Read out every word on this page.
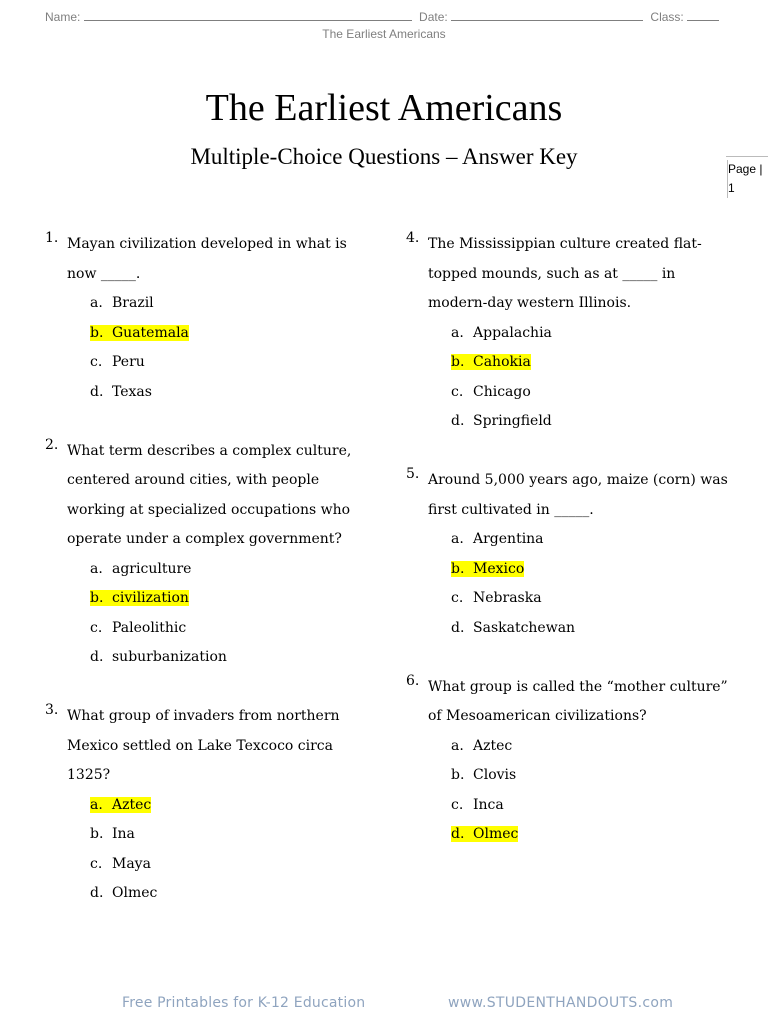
Name:	Date:	Class:
The Earliest Americans
The Earliest Americans
Multiple-Choice Questions – Answer Key	Page |
1
1. Mayan civilization developed in what is now _____.
a. Brazil
b. Guatemala
c. Peru
d. Texas
2. What term describes a complex culture, centered around cities, with people working at specialized occupations who operate under a complex government?
a. agriculture
b. civilization
c. Paleolithic
d. suburbanization
3. What group of invaders from northern Mexico settled on Lake Texcoco circa 1325?
a. Aztec
b. Ina
c. Maya
d. Olmec
4. The Mississippian culture created flat-topped mounds, such as at _____ in modern-day western Illinois.
a. Appalachia
b. Cahokia
c. Chicago
d. Springfield
5. Around 5,000 years ago, maize (corn) was first cultivated in _____.
a. Argentina
b. Mexico
c. Nebraska
d. Saskatchewan
6. What group is called the “mother culture” of Mesoamerican civilizations?
a. Aztec
b. Clovis
c. Inca
d. Olmec
Free Printables for K-12 Education	www.STUDENTHANDOUTS.com
